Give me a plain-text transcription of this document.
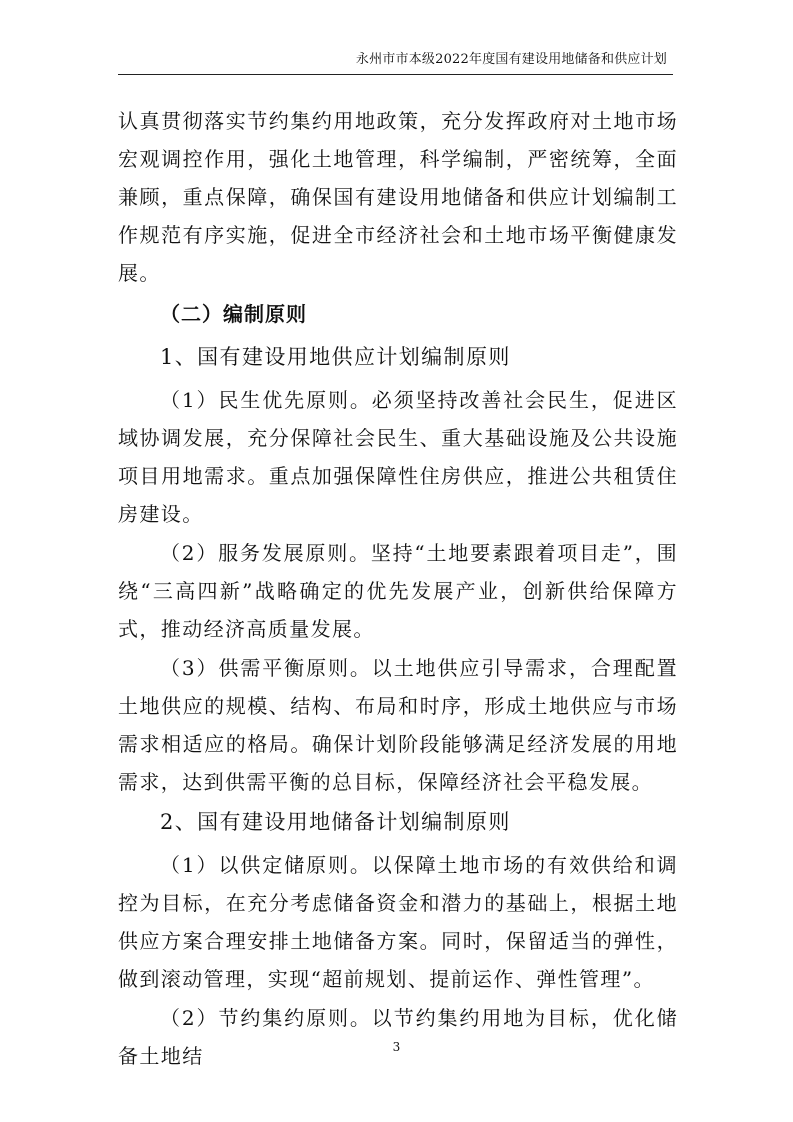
永州市市本级2022年度国有建设用地储备和供应计划

认真贯彻落实节约集约用地政策，充分发挥政府对土地市场宏观调控作用，强化土地管理，科学编制，严密统筹，全面兼顾，重点保障，确保国有建设用地储备和供应计划编制工作规范有序实施，促进全市经济社会和土地市场平衡健康发展。

（二）编制原则
1、国有建设用地供应计划编制原则

（1）民生优先原则。必须坚持改善社会民生，促进区域协调发展，充分保障社会民生、重大基础设施及公共设施项目用地需求。重点加强保障性住房供应，推进公共租赁住房建设。

（2）服务发展原则。坚持“土地要素跟着项目走”，围绕“三高四新”战略确定的优先发展产业，创新供给保障方式，推动经济高质量发展。

（3）供需平衡原则。以土地供应引导需求，合理配置土地供应的规模、结构、布局和时序，形成土地供应与市场需求相适应的格局。确保计划阶段能够满足经济发展的用地需求，达到供需平衡的总目标，保障经济社会平稳发展。

2、国有建设用地储备计划编制原则

（1）以供定储原则。以保障土地市场的有效供给和调控为目标，在充分考虑储备资金和潜力的基础上，根据土地供应方案合理安排土地储备方案。同时，保留适当的弹性，做到滚动管理，实现“超前规划、提前运作、弹性管理”。

（2）节约集约原则。以节约集约用地为目标，优化储备土地结	3
